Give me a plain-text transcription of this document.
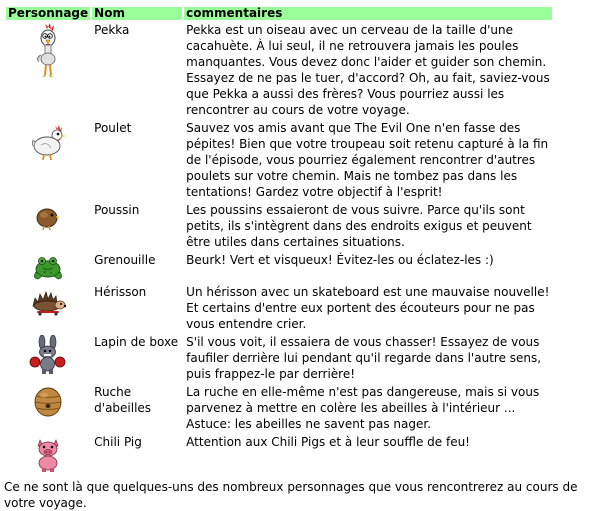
Personnage	Nom	commentaires

	Pekka	Pekka est un oiseau avec un cerveau de la taille d'une cacahuète. À lui seul, il ne retrouvera jamais les poules manquantes. Vous devez donc l'aider et guider son chemin. Essayez de ne pas le tuer, d'accord? Oh, au fait, saviez-vous que Pekka a aussi des frères? Vous pourriez aussi les rencontrer au cours de votre voyage.

	Poulet	Sauvez vos amis avant que The Evil One n'en fasse des pépites! Bien que votre troupeau soit retenu capturé à la fin de l'épisode, vous pourriez également rencontrer d'autres poulets sur votre chemin. Mais ne tombez pas dans les tentations! Gardez votre objectif à l'esprit!

	Poussin	Les poussins essaieront de vous suivre. Parce qu'ils sont petits, ils s'intègrent dans des endroits exigus et peuvent être utiles dans certaines situations.

	Grenouille	Beurk! Vert et visqueux! Évitez-les ou éclatez-les :)

	Hérisson	Un hérisson avec un skateboard est une mauvaise nouvelle! Et certains d'entre eux portent des écouteurs pour ne pas vous entendre crier.

	Lapin de boxe	S'il vous voit, il essaiera de vous chasser! Essayez de vous faufiler derrière lui pendant qu'il regarde dans l'autre sens, puis frappez-le par derrière!

	Ruche d'abeilles	La ruche en elle-même n'est pas dangereuse, mais si vous parvenez à mettre en colère les abeilles à l'intérieur ...
Astuce: les abeilles ne savent pas nager.

	Chili Pig	Attention aux Chili Pigs et à leur souffle de feu!
Ce ne sont là que quelques-uns des nombreux personnages que vous rencontrerez au cours de votre voyage.
